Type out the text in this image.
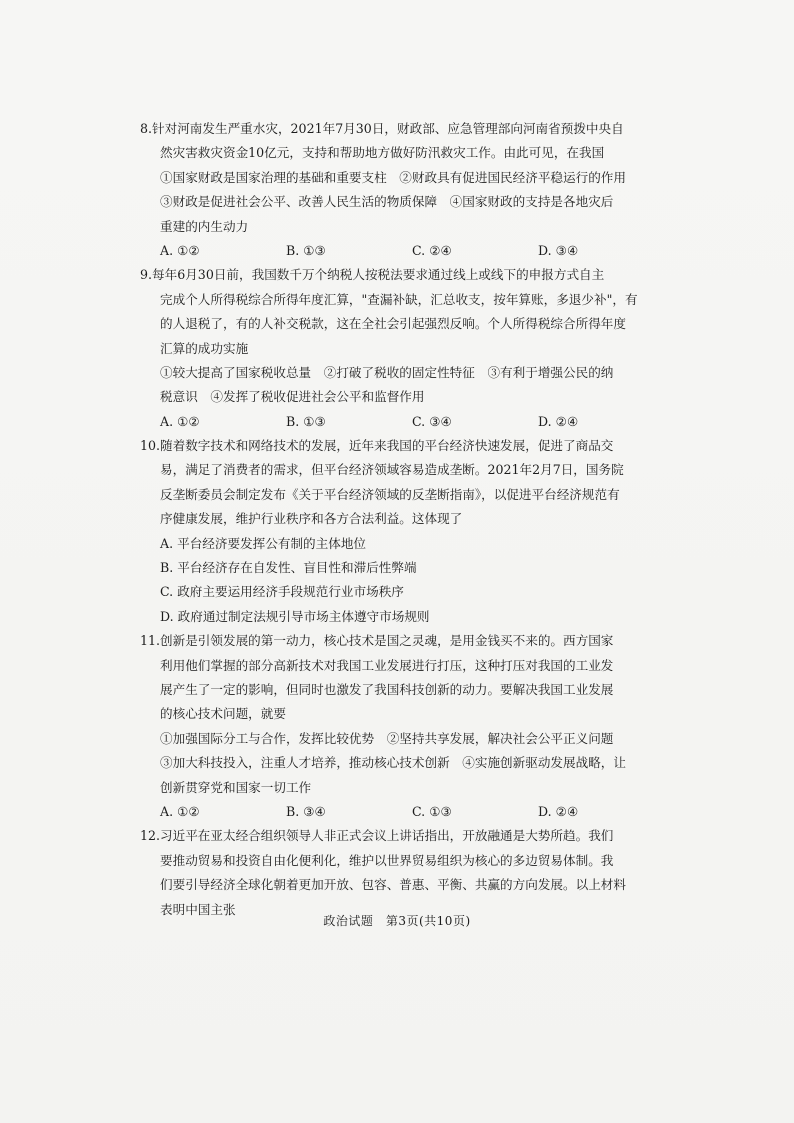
8.针对河南发生严重水灾，2021年7月30日，财政部、应急管理部向河南省预拨中央自
然灾害救灾资金10亿元，支持和帮助地方做好防汛救灾工作。由此可见，在我国
①国家财政是国家治理的基础和重要支柱　②财政具有促进国民经济平稳运行的作用
③财政是促进社会公平、改善人民生活的物质保障　④国家财政的支持是各地灾后
重建的内生动力
A. ①②	B. ①③	C. ②④	D. ③④
9.每年6月30日前，我国数千万个纳税人按税法要求通过线上或线下的申报方式自主
完成个人所得税综合所得年度汇算，"查漏补缺，汇总收支，按年算账，多退少补"，有
的人退税了，有的人补交税款，这在全社会引起强烈反响。个人所得税综合所得年度
汇算的成功实施
①较大提高了国家税收总量　②打破了税收的固定性特征　③有利于增强公民的纳
税意识　④发挥了税收促进社会公平和监督作用
A. ①②	B. ①③	C. ③④	D. ②④
10.随着数字技术和网络技术的发展，近年来我国的平台经济快速发展，促进了商品交
易，满足了消费者的需求，但平台经济领域容易造成垄断。2021年2月7日，国务院
反垄断委员会制定发布《关于平台经济领域的反垄断指南》，以促进平台经济规范有
序健康发展，维护行业秩序和各方合法利益。这体现了
A. 平台经济要发挥公有制的主体地位
B. 平台经济存在自发性、盲目性和滞后性弊端
C. 政府主要运用经济手段规范行业市场秩序
D. 政府通过制定法规引导市场主体遵守市场规则
11.创新是引领发展的第一动力，核心技术是国之灵魂，是用金钱买不来的。西方国家
利用他们掌握的部分高新技术对我国工业发展进行打压，这种打压对我国的工业发
展产生了一定的影响，但同时也激发了我国科技创新的动力。要解决我国工业发展
的核心技术问题，就要
①加强国际分工与合作，发挥比较优势　②坚持共享发展，解决社会公平正义问题
③加大科技投入，注重人才培养，推动核心技术创新　④实施创新驱动发展战略，让
创新贯穿党和国家一切工作
A. ①②	B. ③④	C. ①③	D. ②④
12.习近平在亚太经合组织领导人非正式会议上讲话指出，开放融通是大势所趋。我们
要推动贸易和投资自由化便利化，维护以世界贸易组织为核心的多边贸易体制。我
们要引导经济全球化朝着更加开放、包容、普惠、平衡、共赢的方向发展。以上材料
表明中国主张
政治试题　第3页(共10页)
